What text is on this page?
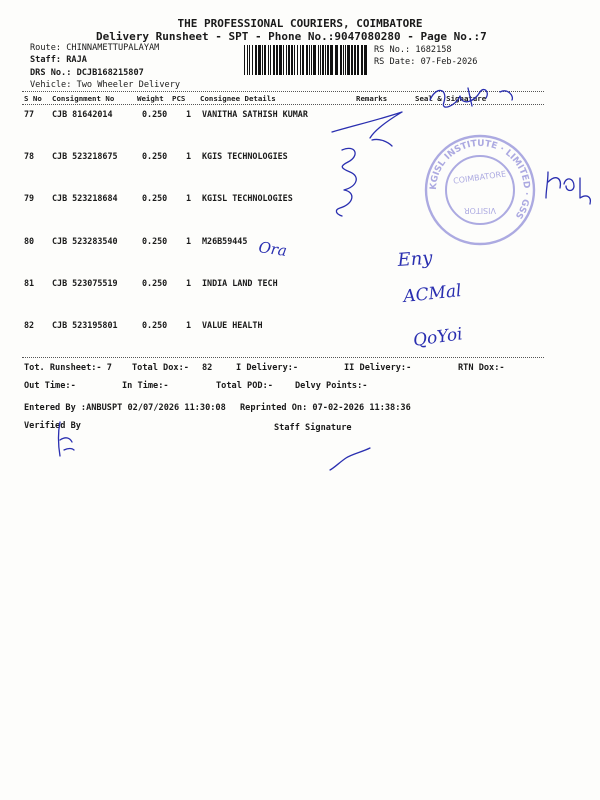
THE PROFESSIONAL COURIERS, COIMBATORE
Delivery Runsheet - SPT - Phone No.:9047080280 - Page No.:7
Route: CHINNAMETTUPALAYAM
Staff: RAJA
DRS No.: DCJB168215807
Vehicle: Two Wheeler Delivery
RS No.: 1682158
RS Date: 07-Feb-2026
S No Consignment No	Weight PCS Consignee Details	Remarks	Seal & Signature
77 CJB 81642014	0.250 1 VANITHA SATHISH KUMAR
78 CJB 523218675	0.250 1 KGIS TECHNOLOGIES
79 CJB 523218684	0.250 1 KGISL TECHNOLOGIES
80 CJB 523283540	0.250 1 M26B59445
81 CJB 523075519	0.250 1 INDIA LAND TECH
82 CJB 523195801	0.250 1 VALUE HEALTH
Tot. Runsheet:- 7 Total Dox:- 82	I Delivery:-	II Delivery:-	RTN Dox:-
Out Time:-	In Time:-	Total POD:-	Delvy Points:-
Entered By :ANBUSPT 02/07/2026 11:30:08 Reprinted On: 07-02-2026 11:38:36
Verified By	Staff Signature
KGISL INSTITUTE · LIMITED · GSS
COIMBATORE
VISITOR
Ora	Eny
ACMal
QoYoi
